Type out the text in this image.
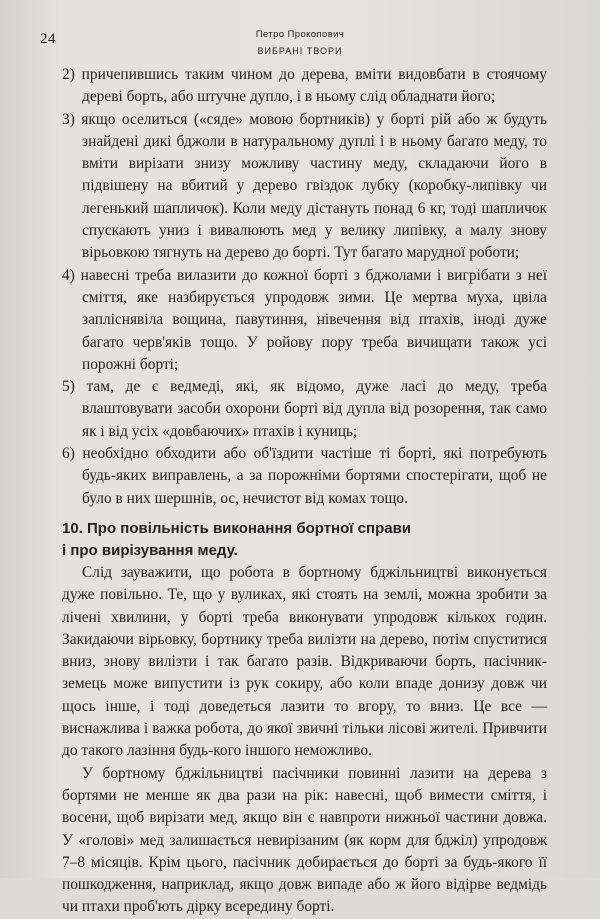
24	Петро Прокопович
ВИБРАНІ ТВОРИ

2) причепившись таким чином до дерева, вміти видовбати в стоячому дереві борть, або штучне дупло, і в ньому слід обладнати його;

3) якщо оселиться («сяде» мовою бортників) у борті рій або ж будуть знайдені дикі бджоли в натуральному дуплі і в ньому багато меду, то вміти вирізати знизу можливу частину меду, складаючи його в підвішену на вбитий у дерево гвіздок лубку (коробку-липівку чи легенький шапличок). Коли меду дістануть понад 6 кг, тоді шапличок спускають униз і вивалюють мед у велику липівку, а малу знову вірьовкою тягнуть на дерево до борті. Тут багато марудної роботи;

4) навесні треба вилазити до кожної борті з бджолами і вигрібати з неї сміття, яке назбирується упродовж зими. Це мертва муха, цвіла запліснявіла вощина, павутиння, нівечення від птахів, іноді дуже багато черв'яків тощо. У ройову пору треба вичищати також усі порожні борті;

5) там, де є ведмеді, які, як відомо, дуже ласі до меду, треба влаштовувати засоби охорони борті від дупла від розорення, так само як і від усіх «довбаючих» птахів і куниць;

6) необхідно обходити або об'їздити частіше ті борті, які потребують будь-яких виправлень, а за порожніми бортями спостерігати, щоб не було в них шершнів, ос, нечистот від комах тощо.

10. Про повільність виконання бортної справи
і про вирізування меду.

Слід зауважити, що робота в бортному бджільництві виконується дуже повільно. Те, що у вуликах, які стоять на землі, можна зробити за лічені хвилини, у борті треба виконувати упродовж кількох годин. Закидаючи вірьовку, бортнику треба вилізти на дерево, потім спуститися вниз, знову вилізти і так багато разів. Відкриваючи борть, пасічник-земець може випустити із рук сокиру, або коли впаде донизу довж чи щось інше, і тоді доведеться лазити то вгору, то вниз. Це все — виснажлива і важка робота, до якої звичні тільки лісові жителі. Привчити до такого лазіння будь-кого іншого неможливо.

У бортному бджільництві пасічники повинні лазити на дерева з бортями не менше як два рази на рік: навесні, щоб вимести сміття, і восени, щоб вирізати мед, якщо він є навпроти нижньої частини довжа. У «голові» мед залишається невирізаним (як корм для бджіл) упродовж 7–8 місяців. Крім цього, пасічник добирається до борті за будь-якого її пошкодження, наприклад, якщо довж випаде або ж його відірве ведмідь чи птахи проб'ють дірку всередину борті.
